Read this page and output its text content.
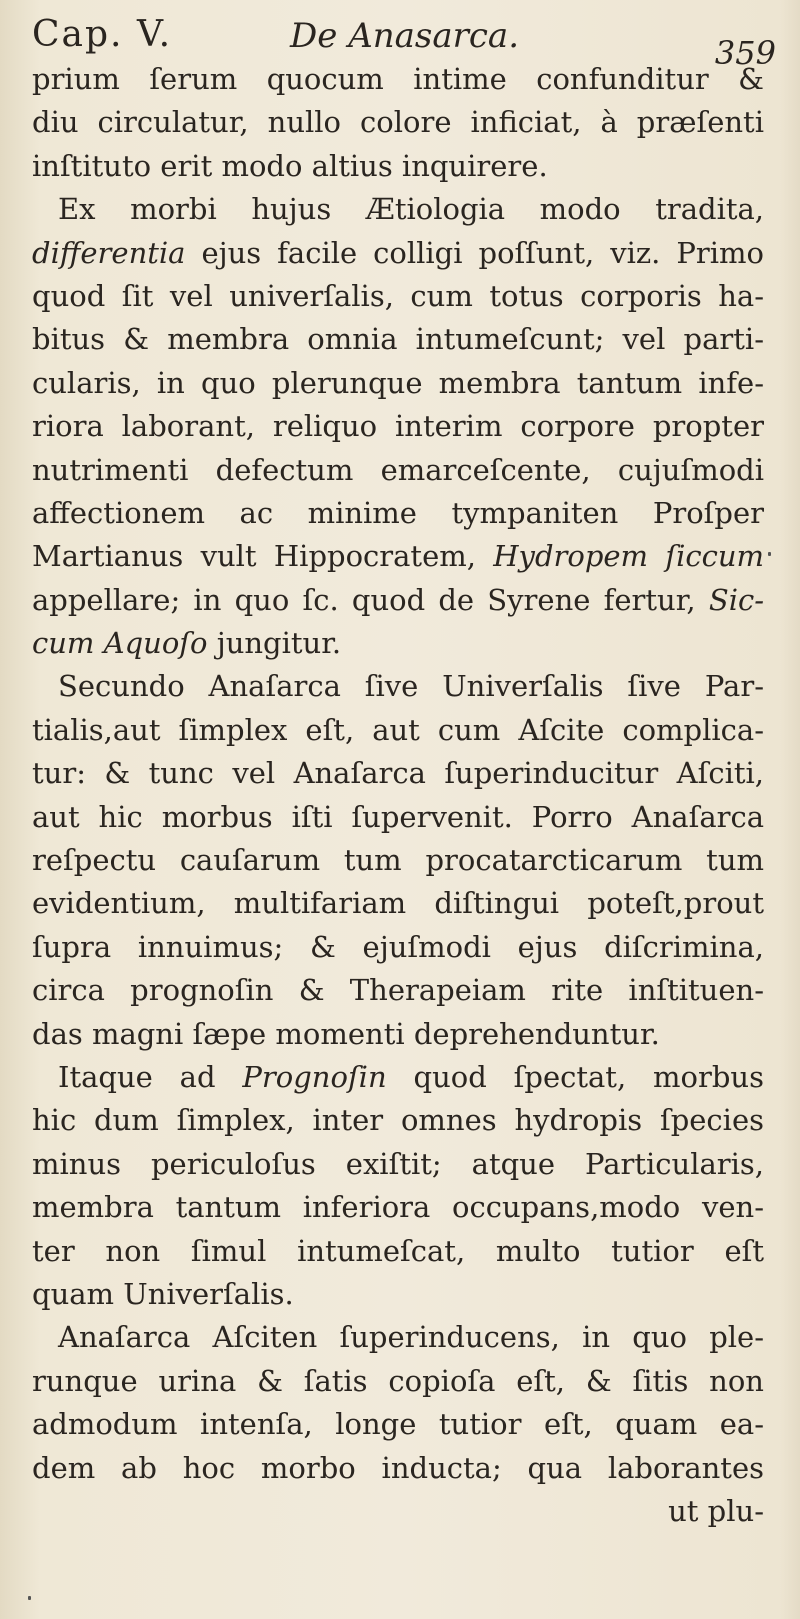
Cap. V.	De Anasarca.	359

prium ſerum quocum intime confunditur &
diu circulatur, nullo colore inficiat, à præſenti
inſtituto erit modo altius inquirere.

Ex morbi hujus Ætiologia modo tradita,
differentia ejus facile colligi poſſunt, viz. Primo
quod ſit vel univerſalis, cum totus corporis ha-
bitus & membra omnia intumeſcunt; vel parti-
cularis, in quo plerunque membra tantum infe-
riora laborant, reliquo interim corpore propter
nutrimenti defectum emarceſcente, cujuſmodi
affectionem ac minime tympaniten Proſper
Martianus vult Hippocratem, Hydropem ſiccum
appellare; in quo ſc. quod de Syrene fertur, Sic-
cum Aquoſo jungitur.

Secundo Anaſarca ſive Univerſalis ſive Par-
tialis,aut ſimplex eſt, aut cum Aſcite complica-
tur: & tunc vel Anaſarca ſuperinducitur Aſciti,
aut hic morbus iſti ſupervenit. Porro Anaſarca
reſpectu cauſarum tum procatarcticarum tum
evidentium, multifariam diſtingui poteſt,prout
ſupra innuimus; & ejuſmodi ejus diſcrimina,
circa prognoſin & Therapeiam rite inſtituen-
das magni ſæpe momenti deprehenduntur.

Itaque ad Prognoſin quod ſpectat, morbus
hic dum ſimplex, inter omnes hydropis ſpecies
minus periculoſus exiſtit; atque Particularis,
membra tantum inferiora occupans,modo ven-
ter non ſimul intumeſcat, multo tutior eſt
quam Univerſalis.

Anaſarca Aſciten ſuperinducens, in quo ple-
runque urina & ſatis copioſa eſt, & ſitis non
admodum intenſa, longe tutior eſt, quam ea-
dem ab hoc morbo inducta; qua laborantes

ut plu-
